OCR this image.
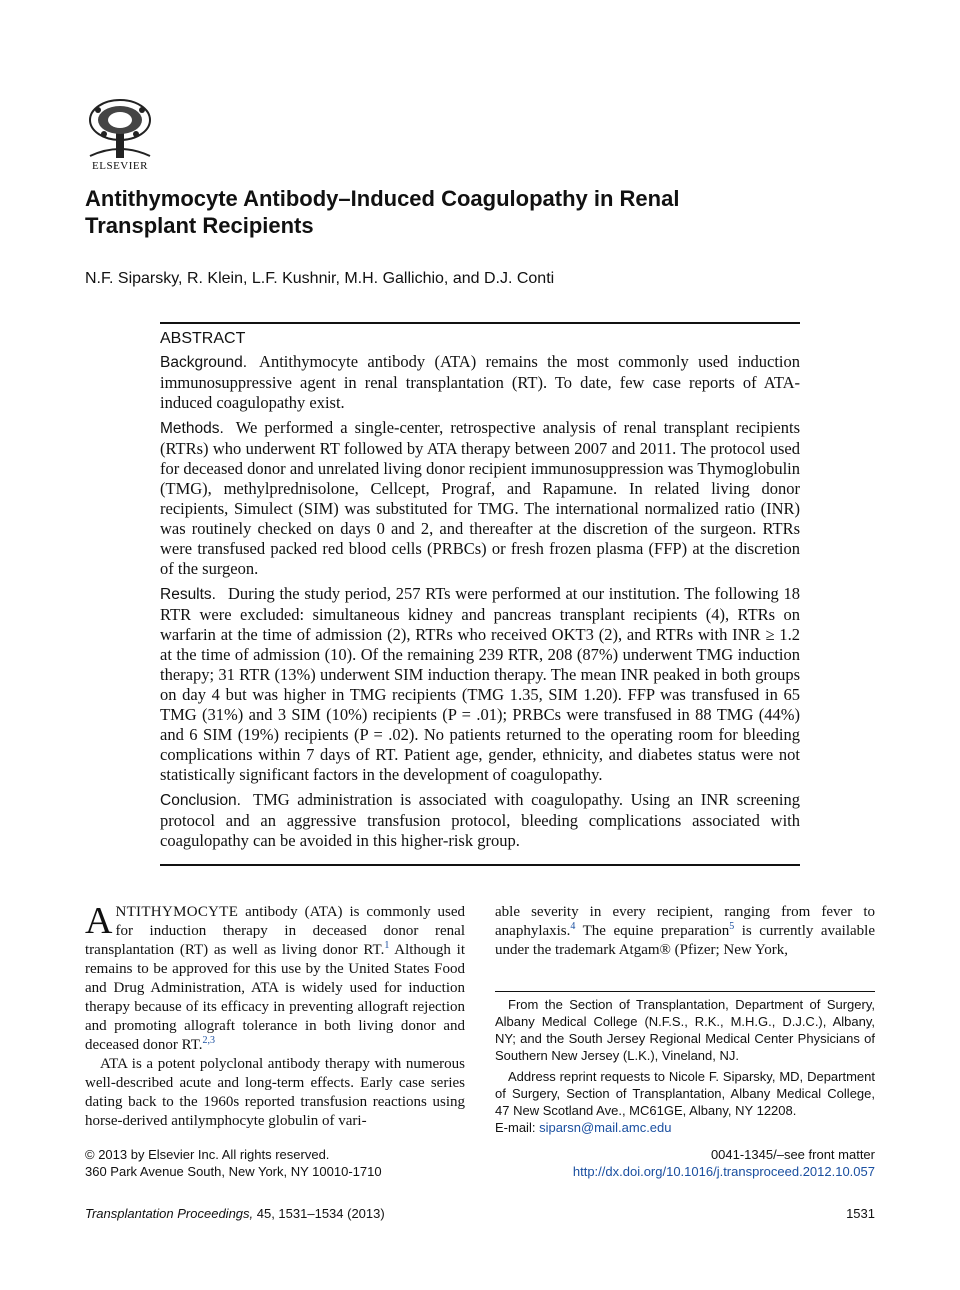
ELSEVIER
Antithymocyte Antibody–Induced Coagulopathy in Renal
Transplant Recipients
N.F. Siparsky, R. Klein, L.F. Kushnir, M.H. Gallichio, and D.J. Conti
ABSTRACT

Background. Antithymocyte antibody (ATA) remains the most commonly used induction immunosuppressive agent in renal transplantation (RT). To date, few case reports of ATA-induced coagulopathy exist.

Methods. We performed a single-center, retrospective analysis of renal transplant recipients (RTRs) who underwent RT followed by ATA therapy between 2007 and 2011. The protocol used for deceased donor and unrelated living donor recipient immunosuppression was Thymoglobulin (TMG), methylprednisolone, Cellcept, Prograf, and Rapamune. In related living donor recipients, Simulect (SIM) was substituted for TMG. The international normalized ratio (INR) was routinely checked on days 0 and 2, and thereafter at the discretion of the surgeon. RTRs were transfused packed red blood cells (PRBCs) or fresh frozen plasma (FFP) at the discretion of the surgeon.

Results. During the study period, 257 RTs were performed at our institution. The following 18 RTR were excluded: simultaneous kidney and pancreas transplant recipients (4), RTRs on warfarin at the time of admission (2), RTRs who received OKT3 (2), and RTRs with INR ≥ 1.2 at the time of admission (10). Of the remaining 239 RTR, 208 (87%) underwent TMG induction therapy; 31 RTR (13%) underwent SIM induction therapy. The mean INR peaked in both groups on day 4 but was higher in TMG recipients (TMG 1.35, SIM 1.20). FFP was transfused in 65 TMG (31%) and 3 SIM (10%) recipients (P = .01); PRBCs were transfused in 88 TMG (44%) and 6 SIM (19%) recipients (P = .02). No patients returned to the operating room for bleeding complications within 7 days of RT. Patient age, gender, ethnicity, and diabetes status were not statistically significant factors in the development of coagulopathy.

Conclusion. TMG administration is associated with coagulopathy. Using an INR screening protocol and an aggressive transfusion protocol, bleeding complications associated with coagulopathy can be avoided in this higher-risk group.

ANTITHYMOCYTE antibody (ATA) is commonly used for induction therapy in deceased donor renal transplantation (RT) as well as living donor RT.$^1$ Although it remains to be approved for this use by the United States Food and Drug Administration, ATA is widely used for induction therapy because of its efficacy in preventing allograft rejection and promoting allograft tolerance in both living donor and deceased donor RT.$^{2,3}$

ATA is a potent polyclonal antibody therapy with numerous well-described acute and long-term effects. Early case series dating back to the 1960s reported transfusion reactions using horse-derived antilymphocyte globulin of vari-

able severity in every recipient, ranging from fever to anaphylaxis.$^4$ The equine preparation$^5$ is currently available under the trademark Atgam® (Pfizer; New York,

From the Section of Transplantation, Department of Surgery, Albany Medical College (N.F.S., R.K., M.H.G., D.J.C.), Albany, NY; and the South Jersey Regional Medical Center Physicians of Southern New Jersey (L.K.), Vineland, NJ.

Address reprint requests to Nicole F. Siparsky, MD, Department of Surgery, Section of Transplantation, Albany Medical College, 47 New Scotland Ave., MC61GE, Albany, NY 12208.
E-mail: siparsn@mail.amc.edu

© 2013 by Elsevier Inc. All rights reserved.
360 Park Avenue South, New York, NY 10010-1710
0041-1345/–see front matter
http://dx.doi.org/10.1016/j.transproceed.2012.10.057
Transplantation Proceedings, 45, 1531–1534 (2013)	1531
